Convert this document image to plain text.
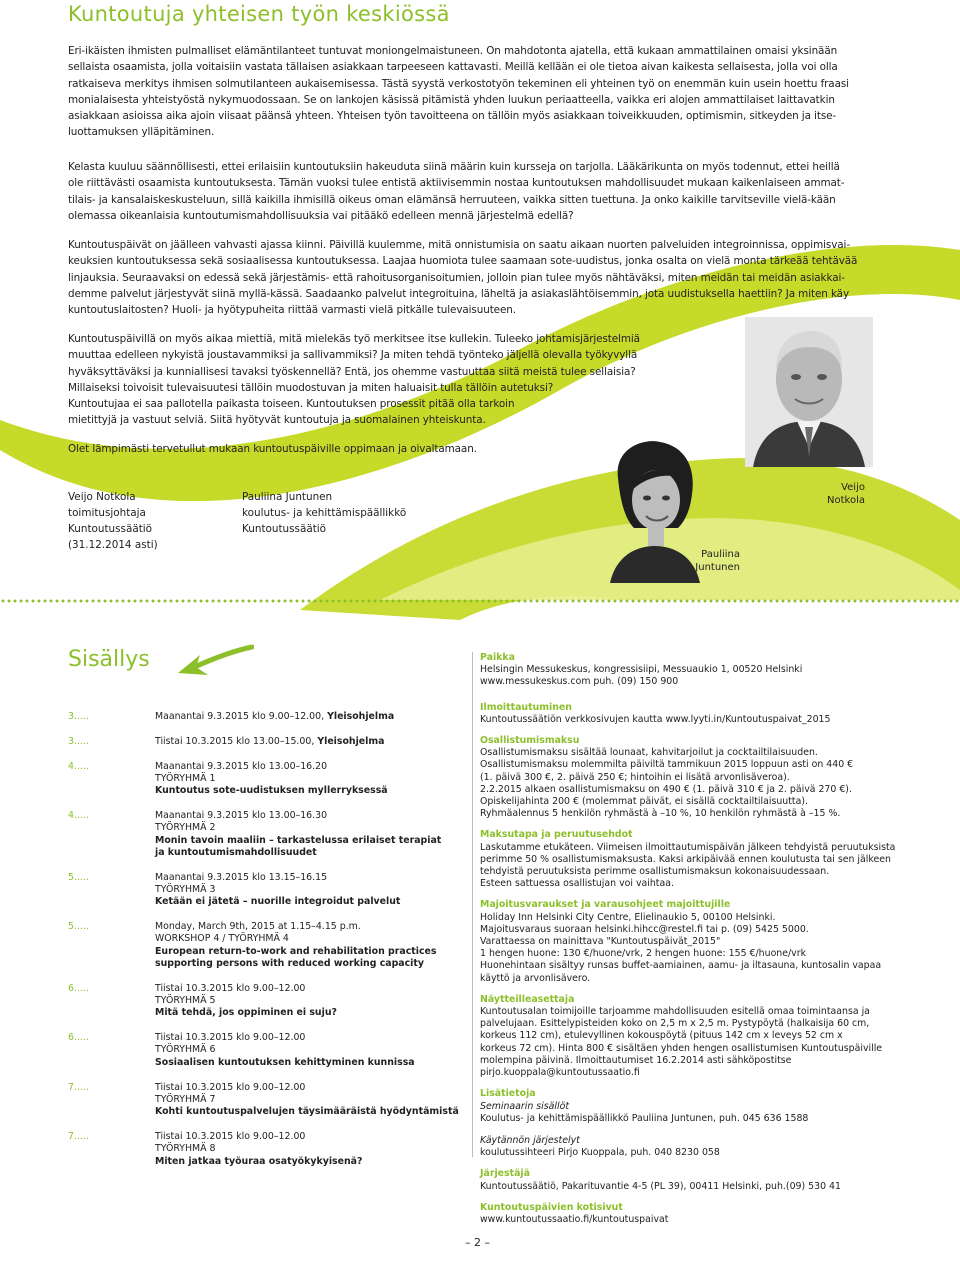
Kuntoutuja yhteisen työn keskiössä

Eri-ikäisten ihmisten pulmalliset elämäntilanteet tuntuvat moniongelmaistuneen. On mahdotonta ajatella, että kukaan ammattilainen omaisi yksinään

sellaista osaamista, jolla voitaisiin vastata tällaisen asiakkaan tarpeeseen kattavasti. Meillä kellään ei ole tietoa aivan kaikesta sellaisesta, jolla voi olla

ratkaiseva merkitys ihmisen solmutilanteen aukaisemisessa. Tästä syystä verkostotyön tekeminen eli yhteinen työ on enemmän kuin usein hoettu fraasi

monialaisesta yhteistyöstä nykymuodossaan. Se on lankojen käsissä pitämistä yhden luukun periaatteella, vaikka eri alojen ammattilaiset laittavatkin

asiakkaan asioissa aika ajoin viisaat päänsä yhteen. Yhteisen työn tavoitteena on tällöin myös asiakkaan toiveikkuuden, optimismin, sitkeyden ja itse-

luottamuksen ylläpitäminen.

Kelasta kuuluu säännöllisesti, ettei erilaisiin kuntoutuksiin hakeuduta siinä määrin kuin kursseja on tarjolla. Lääkärikunta on myös todennut, ettei heillä

ole riittävästi osaamista kuntoutuksesta. Tämän vuoksi tulee entistä aktiivisemmin nostaa kuntoutuksen mahdollisuudet mukaan kaikenlaiseen ammat-

tilais- ja kansalaiskeskusteluun, sillä kaikilla ihmisillä oikeus oman elämänsä herruuteen, vaikka sitten tuettuna. Ja onko kaikille tarvitseville vielä-kään

olemassa oikeanlaisia kuntoutumismahdollisuuksia vai pitääkö edelleen mennä järjestelmä edellä?

Kuntoutuspäivät on jäälleen vahvasti ajassa kiinni. Päivillä kuulemme, mitä onnistumisia on saatu aikaan nuorten palveluiden integroinnissa, oppimisvai-

keuksien kuntoutuksessa sekä sosiaalisessa kuntoutuksessa. Laajaa huomiota tulee saamaan sote-uudistus, jonka osalta on vielä monta tärkeää tehtävää

linjauksia. Seuraavaksi on edessä sekä järjestämis- että rahoitusorganisoitumien, jolloin pian tulee myös nähtäväksi, miten meidän tai meidän asiakkai-

demme palvelut järjestyvät siinä myllä-kässä. Saadaanko palvelut integroituina, läheltä ja asiakaslähtöisemmin, jota uudistuksella haettiin? Ja miten käy

kuntoutuslaitosten? Huoli- ja hyötypuheita riittää varmasti vielä pitkälle tulevaisuuteen.

Kuntoutuspäivillä on myös aikaa miettiä, mitä mielekäs työ merkitsee itse kullekin. Tuleeko johtamisjärjestelmiä

muuttaa edelleen nykyistä joustavammiksi ja sallivammiksi? Ja miten tehdä työnteko jäljellä olevalla työkyvyllä

hyväksyttäväksi ja kunniallisesi tavaksi työskennellä? Entä, jos ohemme vastuuttaa siitä meistä tulee sellaisia?

Millaiseksi toivoisit tulevaisuutesi tällöin muodostuvan ja miten haluaisit tulla tällöin autetuksi?

Kuntoutujaa ei saa pallotella paikasta toiseen. Kuntoutuksen prosessit pitää olla tarkoin

mietittyjä ja vastuut selviä. Siitä hyötyvät kuntoutuja ja suomalainen yhteiskunta.

Olet lämpimästi tervetullut mukaan kuntoutuspäiville oppimaan ja oivaltamaan.

Veijo Notkola
toimitusjohtaja
Kuntoutussäätiö
(31.12.2014 asti)
Pauliina Juntunen
koulutus- ja kehittämispäällikkö
Kuntoutussäätiö
Veijo
Notkola
Pauliina
Juntunen
Sisällys
3.....	Maanantai 9.3.2015 klo 9.00–12.00, Yleisohjelma
3.....	Tiistai 10.3.2015 klo 13.00–15.00, Yleisohjelma
4.....	Maanantai 9.3.2015 klo 13.00–16.20
TYÖRYHMÄ 1
Kuntoutus sote-uudistuksen myllerryksessä
4.....	Maanantai 9.3.2015 klo 13.00–16.30
TYÖRYHMÄ 2
Monin tavoin maaliin – tarkastelussa erilaiset terapiat
ja kuntoutumismahdollisuudet
5.....	Maanantai 9.3.2015 klo 13.15–16.15
TYÖRYHMÄ 3
Ketään ei jätetä – nuorille integroidut palvelut
5.....	Monday, March 9th, 2015 at 1.15–4.15 p.m.
WORKSHOP 4 / TYÖRYHMÄ 4
European return-to-work and rehabilitation practices
supporting persons with reduced working capacity
6.....	Tiistai 10.3.2015 klo 9.00–12.00
TYÖRYHMÄ 5
Mitä tehdä, jos oppiminen ei suju?
6.....	Tiistai 10.3.2015 klo 9.00–12.00
TYÖRYHMÄ 6
Sosiaalisen kuntoutuksen kehittyminen kunnissa
7.....	Tiistai 10.3.2015 klo 9.00–12.00
TYÖRYHMÄ 7
Kohti kuntoutuspalvelujen täysimääräistä hyödyntämistä
7.....	Tiistai 10.3.2015 klo 9.00–12.00
TYÖRYHMÄ 8
Miten jatkaa työuraa osatyökykyisenä?
Paikka
Helsingin Messukeskus, kongressisiipi, Messuaukio 1, 00520 Helsinki
www.messukeskus.com puh. (09) 150 900
Ilmoittautuminen
Kuntoutussäätiön verkkosivujen kautta www.lyyti.in/Kuntoutuspaivat_2015
Osallistumismaksu
Osallistumismaksu sisältää lounaat, kahvitarjoilut ja cocktailtilaisuuden.
Osallistumismaksu molemmilta päiviltä tammikuun 2015 loppuun asti on 440 €
(1. päivä 300 €, 2. päivä 250 €; hintoihin ei lisätä arvonlisäveroa).
2.2.2015 alkaen osallistumismaksu on 490 € (1. päivä 310 € ja 2. päivä 270 €).
Opiskelijahinta 200 € (molemmat päivät, ei sisällä cocktailtilaisuutta).
Ryhmäalennus 5 henkilön ryhmästä à –10 %, 10 henkilön ryhmästä à –15 %.
Maksutapa ja peruutusehdot
Laskutamme etukäteen. Viimeisen ilmoittautumispäivän jälkeen tehdyistä peruutuksista
perimme 50 % osallistumismaksusta. Kaksi arkipäivää ennen koulutusta tai sen jälkeen
tehdyistä peruutuksista perimme osallistumismaksun kokonaisuudessaan.
Esteen sattuessa osallistujan voi vaihtaa.
Majoitusvaraukset ja varausohjeet majoittujille
Holiday Inn Helsinki City Centre, Elielinaukio 5, 00100 Helsinki.
Majoitusvaraus suoraan helsinki.hihcc@restel.fi tai p. (09) 5425 5000.
Varattaessa on mainittava "Kuntoutuspäivät_2015"
1 hengen huone: 130 €/huone/vrk, 2 hengen huone: 155 €/huone/vrk
Huonehintaan sisältyy runsas buffet-aamiainen, aamu- ja iltasauna, kuntosalin vapaa
käyttö ja arvonlisävero.
Näytteilleasettaja
Kuntoutusalan toimijoille tarjoamme mahdollisuuden esitellä omaa toimintaansa ja
palvelujaan. Esittelypisteiden koko on 2,5 m x 2,5 m. Pystypöytä (halkaisija 60 cm,
korkeus 112 cm), etulevyllinen kokouspöytä (pituus 142 cm x leveys 52 cm x
korkeus 72 cm). Hinta 800 € sisältäen yhden hengen osallistumisen Kuntoutuspäiville
molempina päivinä. Ilmoittautumiset 16.2.2014 asti sähköpostitse
pirjo.kuoppala@kuntoutussaatio.fi
Lisätietoja
Seminaarin sisällöt
Koulutus- ja kehittämispäällikkö Pauliina Juntunen, puh. 045 636 1588
Käytännön järjestelyt
koulutussihteeri Pirjo Kuoppala, puh. 040 8230 058
Järjestäjä
Kuntoutussäätiö, Pakarituvantie 4-5 (PL 39), 00411 Helsinki, puh.(09) 530 41
Kuntoutuspäivien kotisivut
www.kuntoutussaatio.fi/kuntoutuspaivat
– 2 –
